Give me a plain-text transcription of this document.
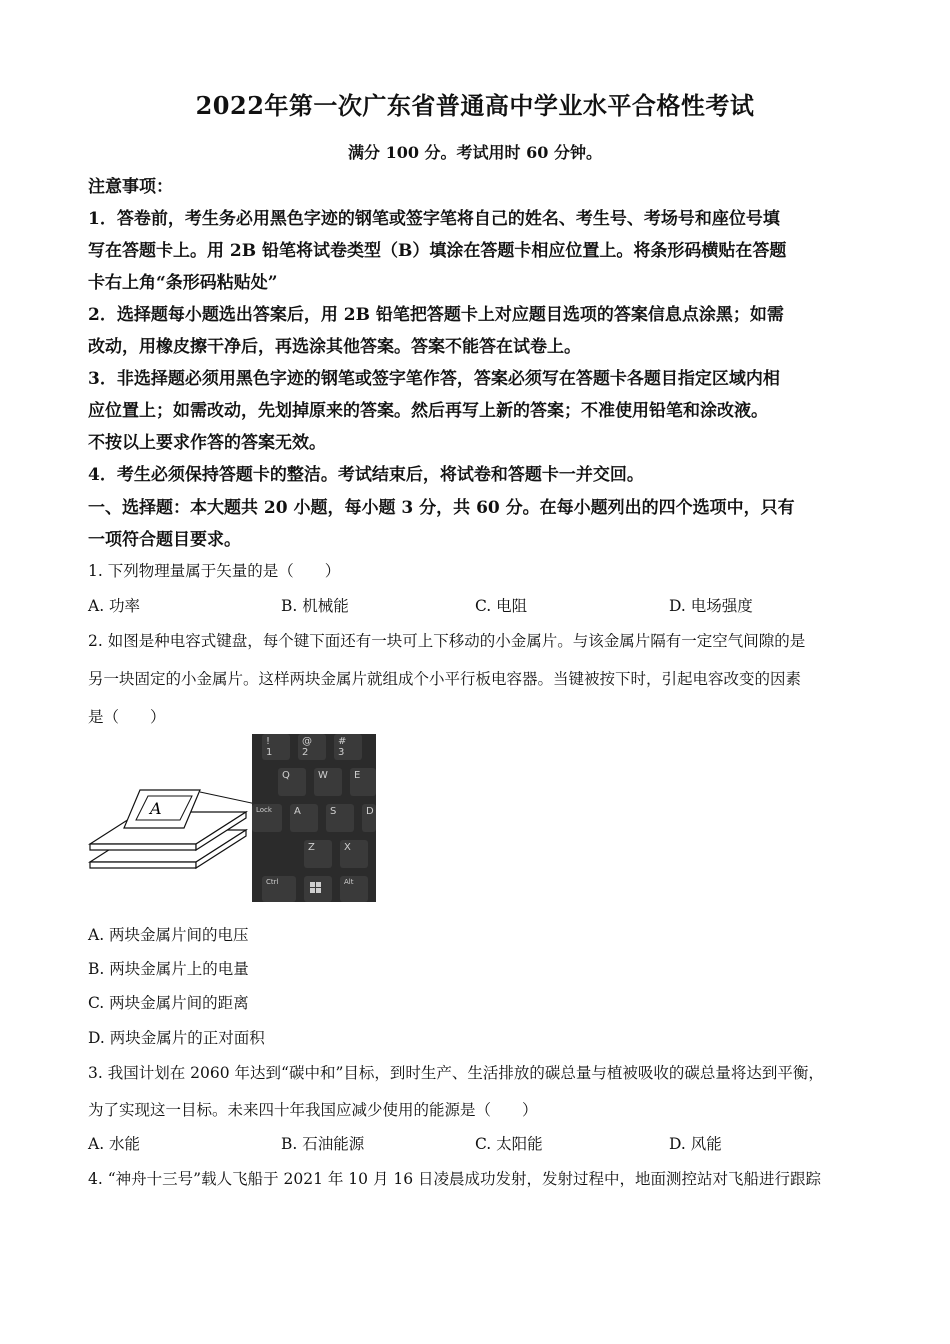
2022年第一次广东省普通高中学业水平合格性考试
满分 100 分。考试用时 60 分钟。
注意事项：
1．答卷前，考生务必用黑色字迹的钢笔或签字笔将自己的姓名、考生号、考场号和座位号填
写在答题卡上。用 2B 铅笔将试卷类型（B）填涂在答题卡相应位置上。将条形码横贴在答题
卡右上角“条形码粘贴处”
2．选择题每小题选出答案后，用 2B 铅笔把答题卡上对应题目选项的答案信息点涂黑；如需
改动，用橡皮擦干净后，再选涂其他答案。答案不能答在试卷上。
3．非选择题必须用黑色字迹的钢笔或签字笔作答，答案必须写在答题卡各题目指定区域内相
应位置上；如需改动，先划掉原来的答案。然后再写上新的答案；不准使用铅笔和涂改液。
不按以上要求作答的答案无效。
4．考生必须保持答题卡的整洁。考试结束后，将试卷和答题卡一并交回。
一、选择题：本大题共 20 小题，每小题 3 分，共 60 分。在每小题列出的四个选项中，只有
一项符合题目要求。
1. 下列物理量属于矢量的是（　　）
A. 功率	B. 机械能	C. 电阻	D. 电场强度
2. 如图是种电容式键盘，每个键下面还有一块可上下移动的小金属片。与该金属片隔有一定空气间隙的是
另一块固定的小金属片。这样两块金属片就组成个小平行板电容器。当键被按下时，引起电容改变的因素
是（　　）
A
!
1
@
2
#
3
Q	W	E
Lock	A	S	D
Z	X
Ctrl	Alt
A. 两块金属片间的电压
B. 两块金属片上的电量
C. 两块金属片间的距离
D. 两块金属片的正对面积
3. 我国计划在 2060 年达到“碳中和”目标，到时生产、生活排放的碳总量与植被吸收的碳总量将达到平衡，
为了实现这一目标。未来四十年我国应减少使用的能源是（　　）
A. 水能	B. 石油能源	C. 太阳能	D. 风能
4. “神舟十三号”载人飞船于 2021 年 10 月 16 日凌晨成功发射，发射过程中，地面测控站对飞船进行跟踪
